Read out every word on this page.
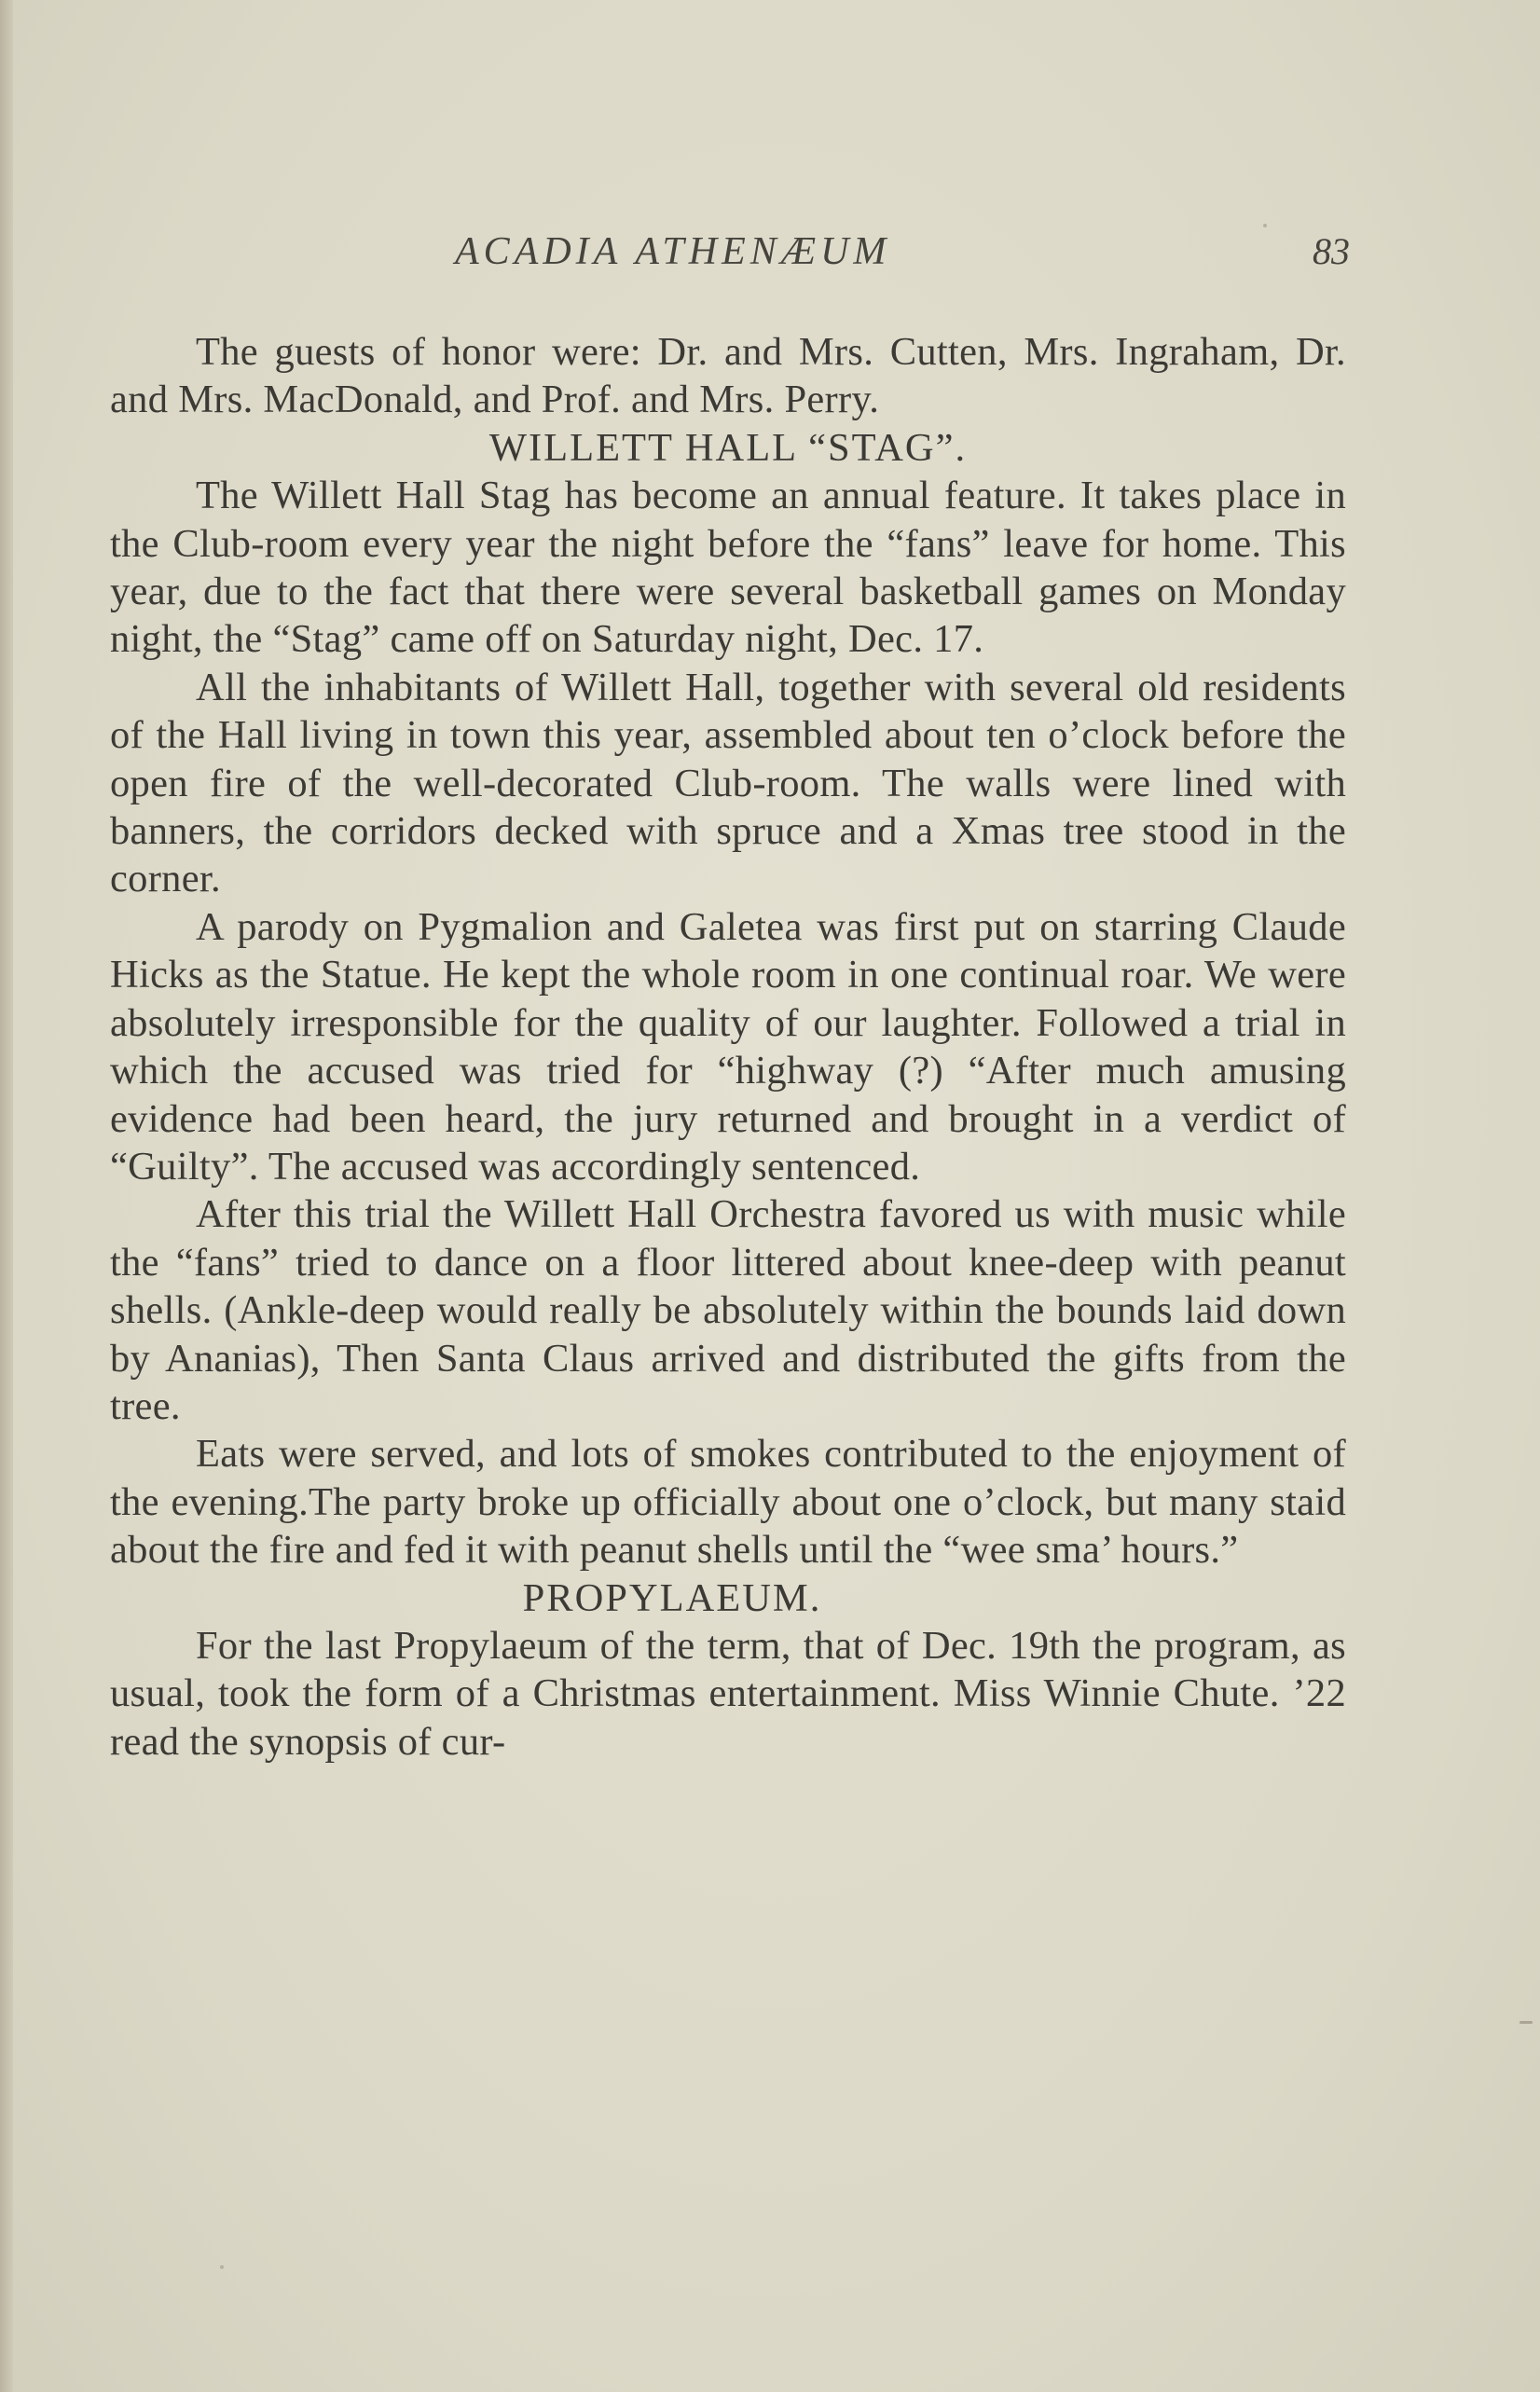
ACADIA ATHENÆUM	83

The guests of honor were: Dr. and Mrs. Cutten, Mrs. Ingraham, Dr. and Mrs. MacDonald, and Prof. and Mrs. Perry.

WILLETT HALL “STAG”.

The Willett Hall Stag has become an annual feature. It takes place in the Club-room every year the night before the “fans” leave for home. This year, due to the fact that there were several basketball games on Monday night, the “Stag” came off on Saturday night, Dec. 17.

All the inhabitants of Willett Hall, together with several old residents of the Hall living in town this year, assembled about ten o’clock before the open fire of the well-decorated Club-room. The walls were lined with banners, the corridors decked with spruce and a Xmas tree stood in the corner.

A parody on Pygmalion and Galetea was first put on starring Claude Hicks as the Statue. He kept the whole room in one continual roar. We were absolutely irresponsible for the quality of our laughter. Followed a trial in which the accused was tried for “highway (?) “After much amusing evidence had been heard, the jury returned and brought in a verdict of “Guilty”. The accused was accordingly sentenced.

After this trial the Willett Hall Orchestra favored us with music while the “fans” tried to dance on a floor littered about knee-deep with peanut shells. (Ankle-deep would really be absolutely within the bounds laid down by Ananias), Then Santa Claus arrived and distributed the gifts from the tree.

Eats were served, and lots of smokes contributed to the enjoyment of the evening.The party broke up officially about one o’clock, but many staid about the fire and fed it with peanut shells until the “wee sma’ hours.”

PROPYLAEUM.

For the last Propylaeum of the term, that of Dec. 19th the program, as usual, took the form of a Christmas entertainment. Miss Winnie Chute. ’22 read the synopsis of cur-
